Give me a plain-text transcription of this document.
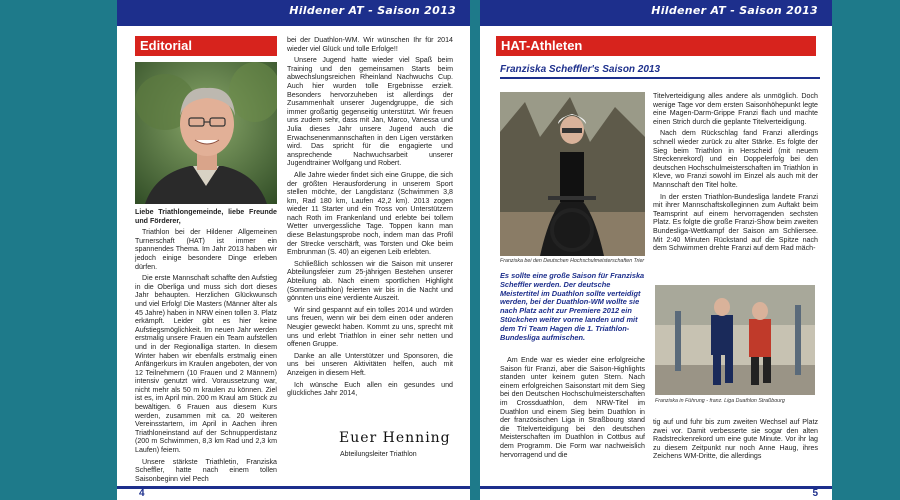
Hildener AT - Saison 2013
Editorial
Liebe Triathlongemeinde, liebe Freunde und Förderer,

Triathlon bei der Hildener Allgemeinen Turnerschaft (HAT) ist immer ein spannendes Thema. Im Jahr 2013 haben wir jedoch einige besondere Dinge erleben dürfen.

Die erste Mannschaft schaffte den Aufstieg in die Oberliga und muss sich dort dieses Jahr behaupten. Herzlichen Glückwunsch und viel Erfolg! Die Masters (Männer älter als 45 Jahre) haben in NRW einen tollen 3. Platz erkämpft. Leider gibt es hier keine Aufstiegsmöglichkeit. Im neuen Jahr werden erstmalig unsere Frauen ein Team aufstellen und in der Regionalliga starten. In diesem Winter haben wir ebenfalls erstmalig einen Anfängerkurs im Kraulen angeboten, der von 12 Teilnehmern (10 Frauen und 2 Männern) intensiv genutzt wird. Voraussetzung war, nicht mehr als 50 m kraulen zu können. Ziel ist es, im April min. 200 m Kraul am Stück zu bewältigen. 6 Frauen aus diesem Kurs werden, zusammen mit ca. 20 weiteren Vereinsstartern, im April in Aachen ihren Triathloneinstand auf der Schnupperdistanz (200 m Schwimmen, 8,3 km Rad und 2,3 km Laufen) feiern.

Unsere stärkste Triathletin, Franziska Scheffler, hatte nach einem tollen Saisonbeginn viel Pech

bei der Duathlon-WM. Wir wünschen Ihr für 2014 wieder viel Glück und tolle Erfolge!!

Unsere Jugend hatte wieder viel Spaß beim Training und den gemeinsamen Starts beim abwechslungsreichen Rheinland Nachwuchs Cup. Auch hier wurden tolle Ergebnisse erzielt. Besonders hervorzuheben ist allerdings der Zusammenhalt unserer Jugendgruppe, die sich immer großartig gegenseitig unterstützt. Wir freuen uns zudem sehr, dass mit Jan, Marco, Vanessa und Julia dieses Jahr unsere Jugend auch die Erwachsenenmannschaften in den Ligen verstärken wird. Das spricht für die engagierte und ansprechende Nachwuchsarbeit unserer Jugendtrainer Wolfgang und Robert.

Alle Jahre wieder findet sich eine Gruppe, die sich der größten Herausforderung in unserem Sport stellen möchte, der Langdistanz (Schwimmen 3,8 km, Rad 180 km, Laufen 42,2 km). 2013 zogen wieder 11 Starter und ein Tross von Unterstützern nach Roth im Frankenland und erlebte bei tollem Wetter unvergessliche Tage. Toppen kann man diese Belastungsprobe noch, indem man das Profil der Strecke verschärft, was Torsten und Oke beim Embrunman (S. 40) an eigenen Leib erlebten.

Schließlich schlossen wir die Saison mit unserer Abteilungsfeier zum 25-jährigen Bestehen unserer Abteilung ab. Nach einem sportlichen Highlight (Sommerbiathlon) feierten wir bis in die Nacht und gönnten uns eine verdiente Auszeit.

Wir sind gespannt auf ein tolles 2014 und würden uns freuen, wenn wir bei dem einen oder anderen Neugier geweckt haben. Kommt zu uns, sprecht mit uns und erlebt Triathlon in einer sehr netten und offenen Gruppe.

Danke an alle Unterstützer und Sponsoren, die uns bei unseren Aktivitäten helfen, auch mit Anzeigen in diesem Heft.

Ich wünsche Euch allen ein gesundes und glückliches Jahr 2014,

Euer Henning
Abteilungsleiter Triathlon
4
Hildener AT - Saison 2013
HAT-Athleten
Franziska Scheffler's Saison 2013
Franziska bei den Deutschen Hochschulmeisterschaften Trier
Es sollte eine große Saison für Franziska Scheffler werden. Der deutsche Meistertitel im Duathlon sollte verteidigt werden, bei der Duathlon-WM wollte sie nach Platz acht zur Premiere 2012 ein Stückchen weiter vorne landen und mit dem Tri Team Hagen die 1. Triathlon-Bundesliga aufmischen.

Am Ende war es wieder eine erfolgreiche Saison für Franzi, aber die Saison-Highlights standen unter keinem guten Stern. Nach einem erfolgreichen Saisonstart mit dem Sieg bei den Deutschen Hochschulmeisterschaften im Crossduathlon, dem NRW-Titel im Duathlon und einem Sieg beim Duathlon in der französischen Liga in Straßbourg stand die Titelverteidigung bei den deutschen Meisterschaften im Duathlon in Cottbus auf dem Programm. Die Form war nachweislich hervorragend und die

Titelverteidigung alles andere als unmöglich. Doch wenige Tage vor dem ersten Saisonhöhepunkt legte eine Magen-Darm-Grippe Franzi flach und machte einen Strich durch die geplante Titelverteidigung.

Nach dem Rückschlag fand Franzi allerdings schnell wieder zurück zu alter Stärke. Es folgte der Sieg beim Triathlon in Herscheid (mit neuem Streckenrekord) und ein Doppelerfolg bei den deutschen Hochschulmeisterschaften im Triathlon in Kleve, wo Franzi sowohl im Einzel als auch mit der Mannschaft den Titel holte.

In der ersten Triathlon-Bundesliga landete Franzi mit ihrer Mannschaftskolleginnen zum Auftakt beim Teamsprint auf einem hervorragenden sechsten Platz. Es folgte die große Franzi-Show beim zweiten Bundesliga-Wettkampf der Saison am Schliersee. Mit 2:40 Minuten Rückstand auf die Spitze nach dem Schwimmen drehte Franzi auf dem Rad mäch-

Franziska in Führung - franz. Liga Duathlon Straßbourg

tig auf und fuhr bis zum zweiten Wechsel auf Platz zwei vor. Damit verbesserte sie sogar den alten Radstreckenrekord um eine gute Minute. Vor ihr lag zu diesem Zeitpunkt nur noch Anne Haug, ihres Zeichens WM-Dritte, die allerdings

5
